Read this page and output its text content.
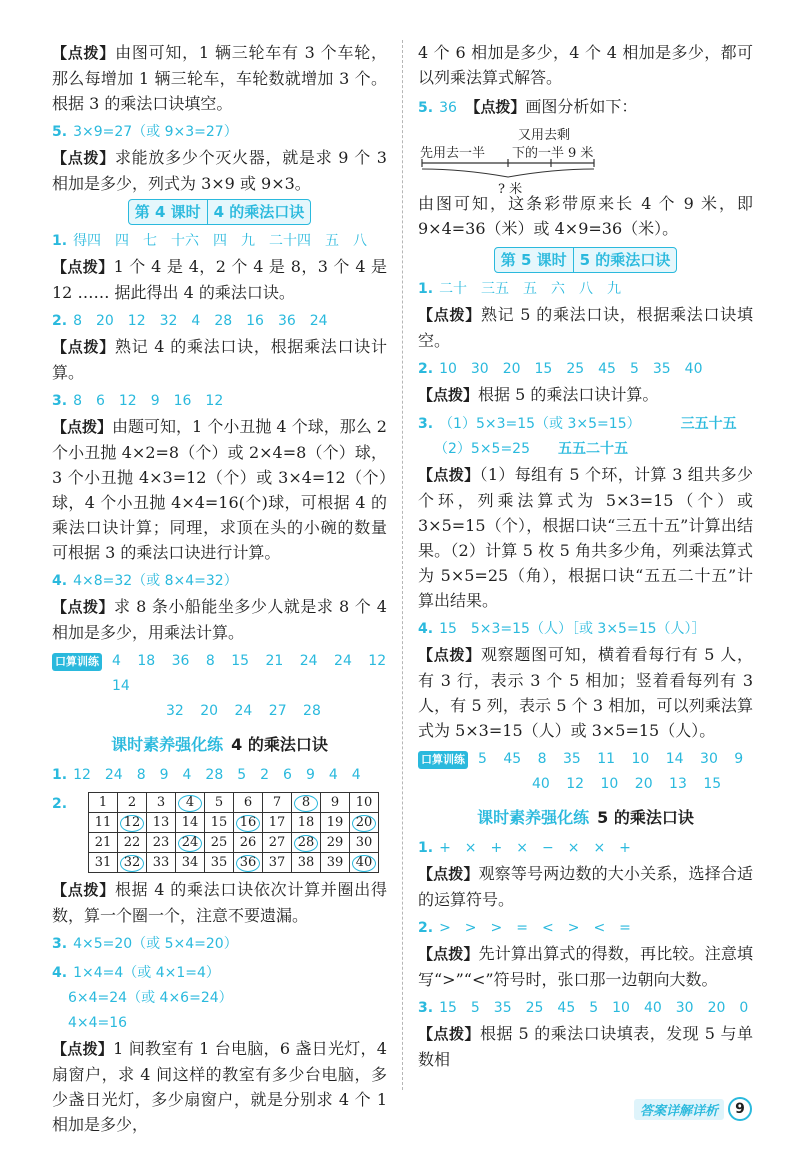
【点拨】由图可知，1 辆三轮车有 3 个车轮，那么每增加 1 辆三轮车，车轮数就增加 3 个。根据 3 的乘法口诀填空。

5. 3×9=27（或 9×3=27）

【点拨】求能放多少个灭火器，就是求 9 个 3 相加是多少，列式为 3×9 或 9×3。

第 4 课时 4 的乘法口诀

1. 得四　四　七　十六　四　九　二十四　五　八

【点拨】1 个 4 是 4，2 个 4 是 8，3 个 4 是 12 …… 据此得出 4 的乘法口诀。

2. 8　20　12　32　4　28　16　36　24

【点拨】熟记 4 的乘法口诀，根据乘法口诀计算。

3. 8　6　12　9　16　12

【点拨】由题可知，1 个小丑抛 4 个球，那么 2 个小丑抛 4×2=8（个）或 2×4=8（个）球，3 个小丑抛 4×3=12（个）或 3×4=12（个）球，4 个小丑抛 4×4=16(个)球，可根据 4 的乘法口诀计算；同理，求顶在头的小碗的数量可根据 3 的乘法口诀进行计算。

4. 4×8=32（或 8×4=32）

【点拨】求 8 条小船能坐多少人就是求 8 个 4 相加是多少，用乘法计算。

口算训练 4 18 36 8 15 21 24 24 12 14
32 20 24 27 28
课时素养强化练 4 的乘法口诀

1. 12　24　8　9　4　28　5　2　6　9　4　4

2. 1	2	3	4	5	6	7	8	9	10
11	12	13	14	15	16	17	18	19	20
21	22	23	24	25	26	27	28	29	30
31	32	33	34	35	36	37	38	39	40

【点拨】根据 4 的乘法口诀依次计算并圈出得数，算一个圈一个，注意不要遗漏。

3. 4×5=20（或 5×4=20）

4. 1×4=4（或 4×1=4）

6×4=24（或 4×6=24）

4×4=16

【点拨】1 间教室有 1 台电脑，6 盏日光灯，4 扇窗户，求 4 间这样的教室有多少台电脑，多少盏日光灯，多少扇窗户，就是分别求 4 个 1 相加是多少，

4 个 6 相加是多少，4 个 4 相加是多少，都可以列乘法算式解答。

5. 36　 【点拨】画图分析如下：

先用去一半
又用去剩
下的一半 9 米
? 米

由图可知，这条彩带原来长 4 个 9 米，即 9×4=36（米）或 4×9=36（米）。

第 5 课时 5 的乘法口诀

1. 二十　三五　五　六　八　九

【点拨】熟记 5 的乘法口诀，根据乘法口诀填空。

2. 10　30　20　15　25　45　5　35　40

【点拨】根据 5 的乘法口诀计算。

3. （1）5×3=15（或 3×5=15）	三五十五

（2）5×5=25 五五二十五

【点拨】（1）每组有 5 个环，计算 3 组共多少个环，列乘法算式为 5×3=15（个）或 3×5=15（个），根据口诀“三五十五”计算出结果。（2）计算 5 枚 5 角共多少角，列乘法算式为 5×5=25（角），根据口诀“五五二十五”计算出结果。

4. 15　5×3=15（人）［或 3×5=15（人）］

【点拨】观察题图可知，横着看每行有 5 人，有 3 行，表示 3 个 5 相加；竖着看每列有 3 人，有 5 列，表示 5 个 3 相加，可以列乘法算式为 5×3=15（人）或 3×5=15（人）。

口算训练 5 45 8 35 11 10 14 30 9
40 12 10 20 13 15
课时素养强化练 5 的乘法口诀

1. +　×　+　×　−　×　×　+

【点拨】观察等号两边数的大小关系，选择合适的运算符号。

2. >　>　>　=　<　>　<　=

【点拨】先计算出算式的得数，再比较。注意填写“>”“<”符号时，张口那一边朝向大数。

3. 15　5　35　25　45　5　10　40　30　20　0

【点拨】根据 5 的乘法口诀填表，发现 5 与单数相

答案详解详析	9
